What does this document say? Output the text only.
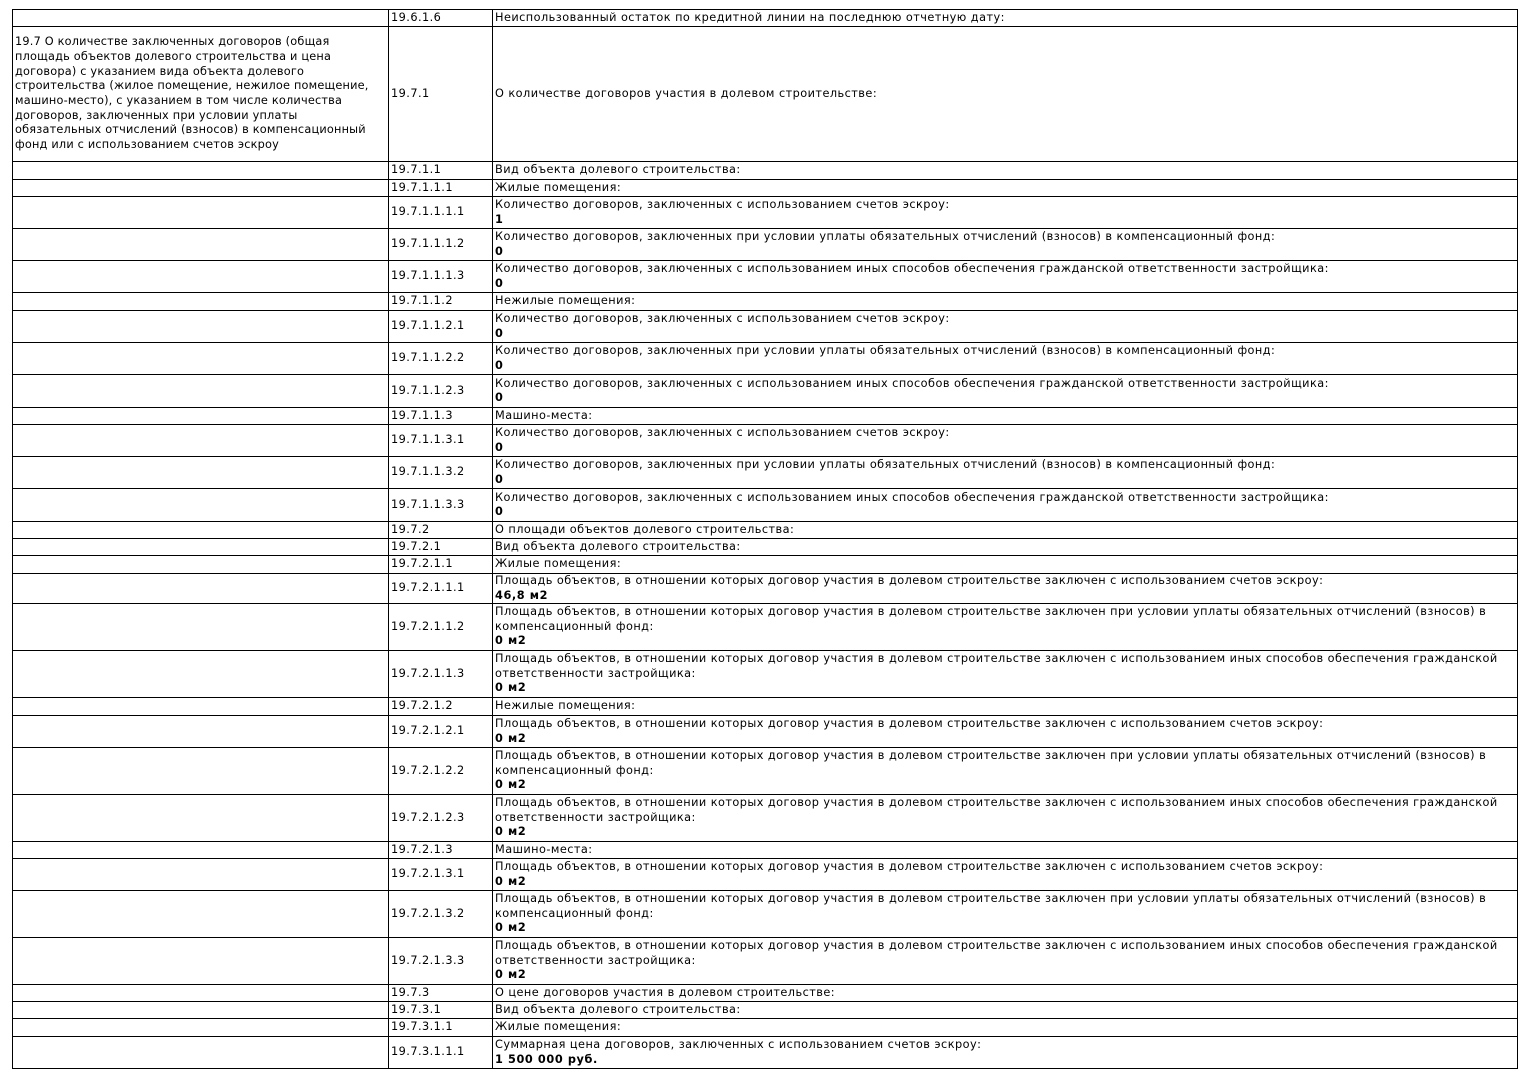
	19.6.1.6	Неиспользованный остаток по кредитной линии на последнюю отчетную дату:

19.7 О количестве заключенных договоров (общая площадь объектов долевого строительства и цена договора) с указанием вида объекта долевого строительства (жилое помещение, нежилое помещение, машино-место), с указанием в том числе количества договоров, заключенных при условии уплаты обязательных отчислений (взносов) в компенсационный фонд или с использованием счетов эскроу	19.7.1	О количестве договоров участия в долевом строительстве:

	19.7.1.1	Вид объекта долевого строительства:

	19.7.1.1.1	Жилые помещения:

	19.7.1.1.1.1	Количество договоров, заключенных с использованием счетов эскроу:
1

	19.7.1.1.1.2	Количество договоров, заключенных при условии уплаты обязательных отчислений (взносов) в компенсационный фонд:
0

	19.7.1.1.1.3	Количество договоров, заключенных с использованием иных способов обеспечения гражданской ответственности застройщика:
0

	19.7.1.1.2	Нежилые помещения:

	19.7.1.1.2.1	Количество договоров, заключенных с использованием счетов эскроу:
0

	19.7.1.1.2.2	Количество договоров, заключенных при условии уплаты обязательных отчислений (взносов) в компенсационный фонд:
0

	19.7.1.1.2.3	Количество договоров, заключенных с использованием иных способов обеспечения гражданской ответственности застройщика:
0

	19.7.1.1.3	Машино-места:

	19.7.1.1.3.1	Количество договоров, заключенных с использованием счетов эскроу:
0

	19.7.1.1.3.2	Количество договоров, заключенных при условии уплаты обязательных отчислений (взносов) в компенсационный фонд:
0

	19.7.1.1.3.3	Количество договоров, заключенных с использованием иных способов обеспечения гражданской ответственности застройщика:
0

	19.7.2	О площади объектов долевого строительства:

	19.7.2.1	Вид объекта долевого строительства:

	19.7.2.1.1	Жилые помещения:

	19.7.2.1.1.1	Площадь объектов, в отношении которых договор участия в долевом строительстве заключен с использованием счетов эскроу:
46,8 м2

	19.7.2.1.1.2	Площадь объектов, в отношении которых договор участия в долевом строительстве заключен при условии уплаты обязательных отчислений (взносов) в компенсационный фонд:
0 м2

	19.7.2.1.1.3	Площадь объектов, в отношении которых договор участия в долевом строительстве заключен с использованием иных способов обеспечения гражданской ответственности застройщика:
0 м2

	19.7.2.1.2	Нежилые помещения:

	19.7.2.1.2.1	Площадь объектов, в отношении которых договор участия в долевом строительстве заключен с использованием счетов эскроу:
0 м2

	19.7.2.1.2.2	Площадь объектов, в отношении которых договор участия в долевом строительстве заключен при условии уплаты обязательных отчислений (взносов) в компенсационный фонд:
0 м2

	19.7.2.1.2.3	Площадь объектов, в отношении которых договор участия в долевом строительстве заключен с использованием иных способов обеспечения гражданской ответственности застройщика:
0 м2

	19.7.2.1.3	Машино-места:

	19.7.2.1.3.1	Площадь объектов, в отношении которых договор участия в долевом строительстве заключен с использованием счетов эскроу:
0 м2

	19.7.2.1.3.2	Площадь объектов, в отношении которых договор участия в долевом строительстве заключен при условии уплаты обязательных отчислений (взносов) в компенсационный фонд:
0 м2

	19.7.2.1.3.3	Площадь объектов, в отношении которых договор участия в долевом строительстве заключен с использованием иных способов обеспечения гражданской ответственности застройщика:
0 м2

	19.7.3	О цене договоров участия в долевом строительстве:

	19.7.3.1	Вид объекта долевого строительства:

	19.7.3.1.1	Жилые помещения:

	19.7.3.1.1.1	Суммарная цена договоров, заключенных с использованием счетов эскроу:
1 500 000 руб.
